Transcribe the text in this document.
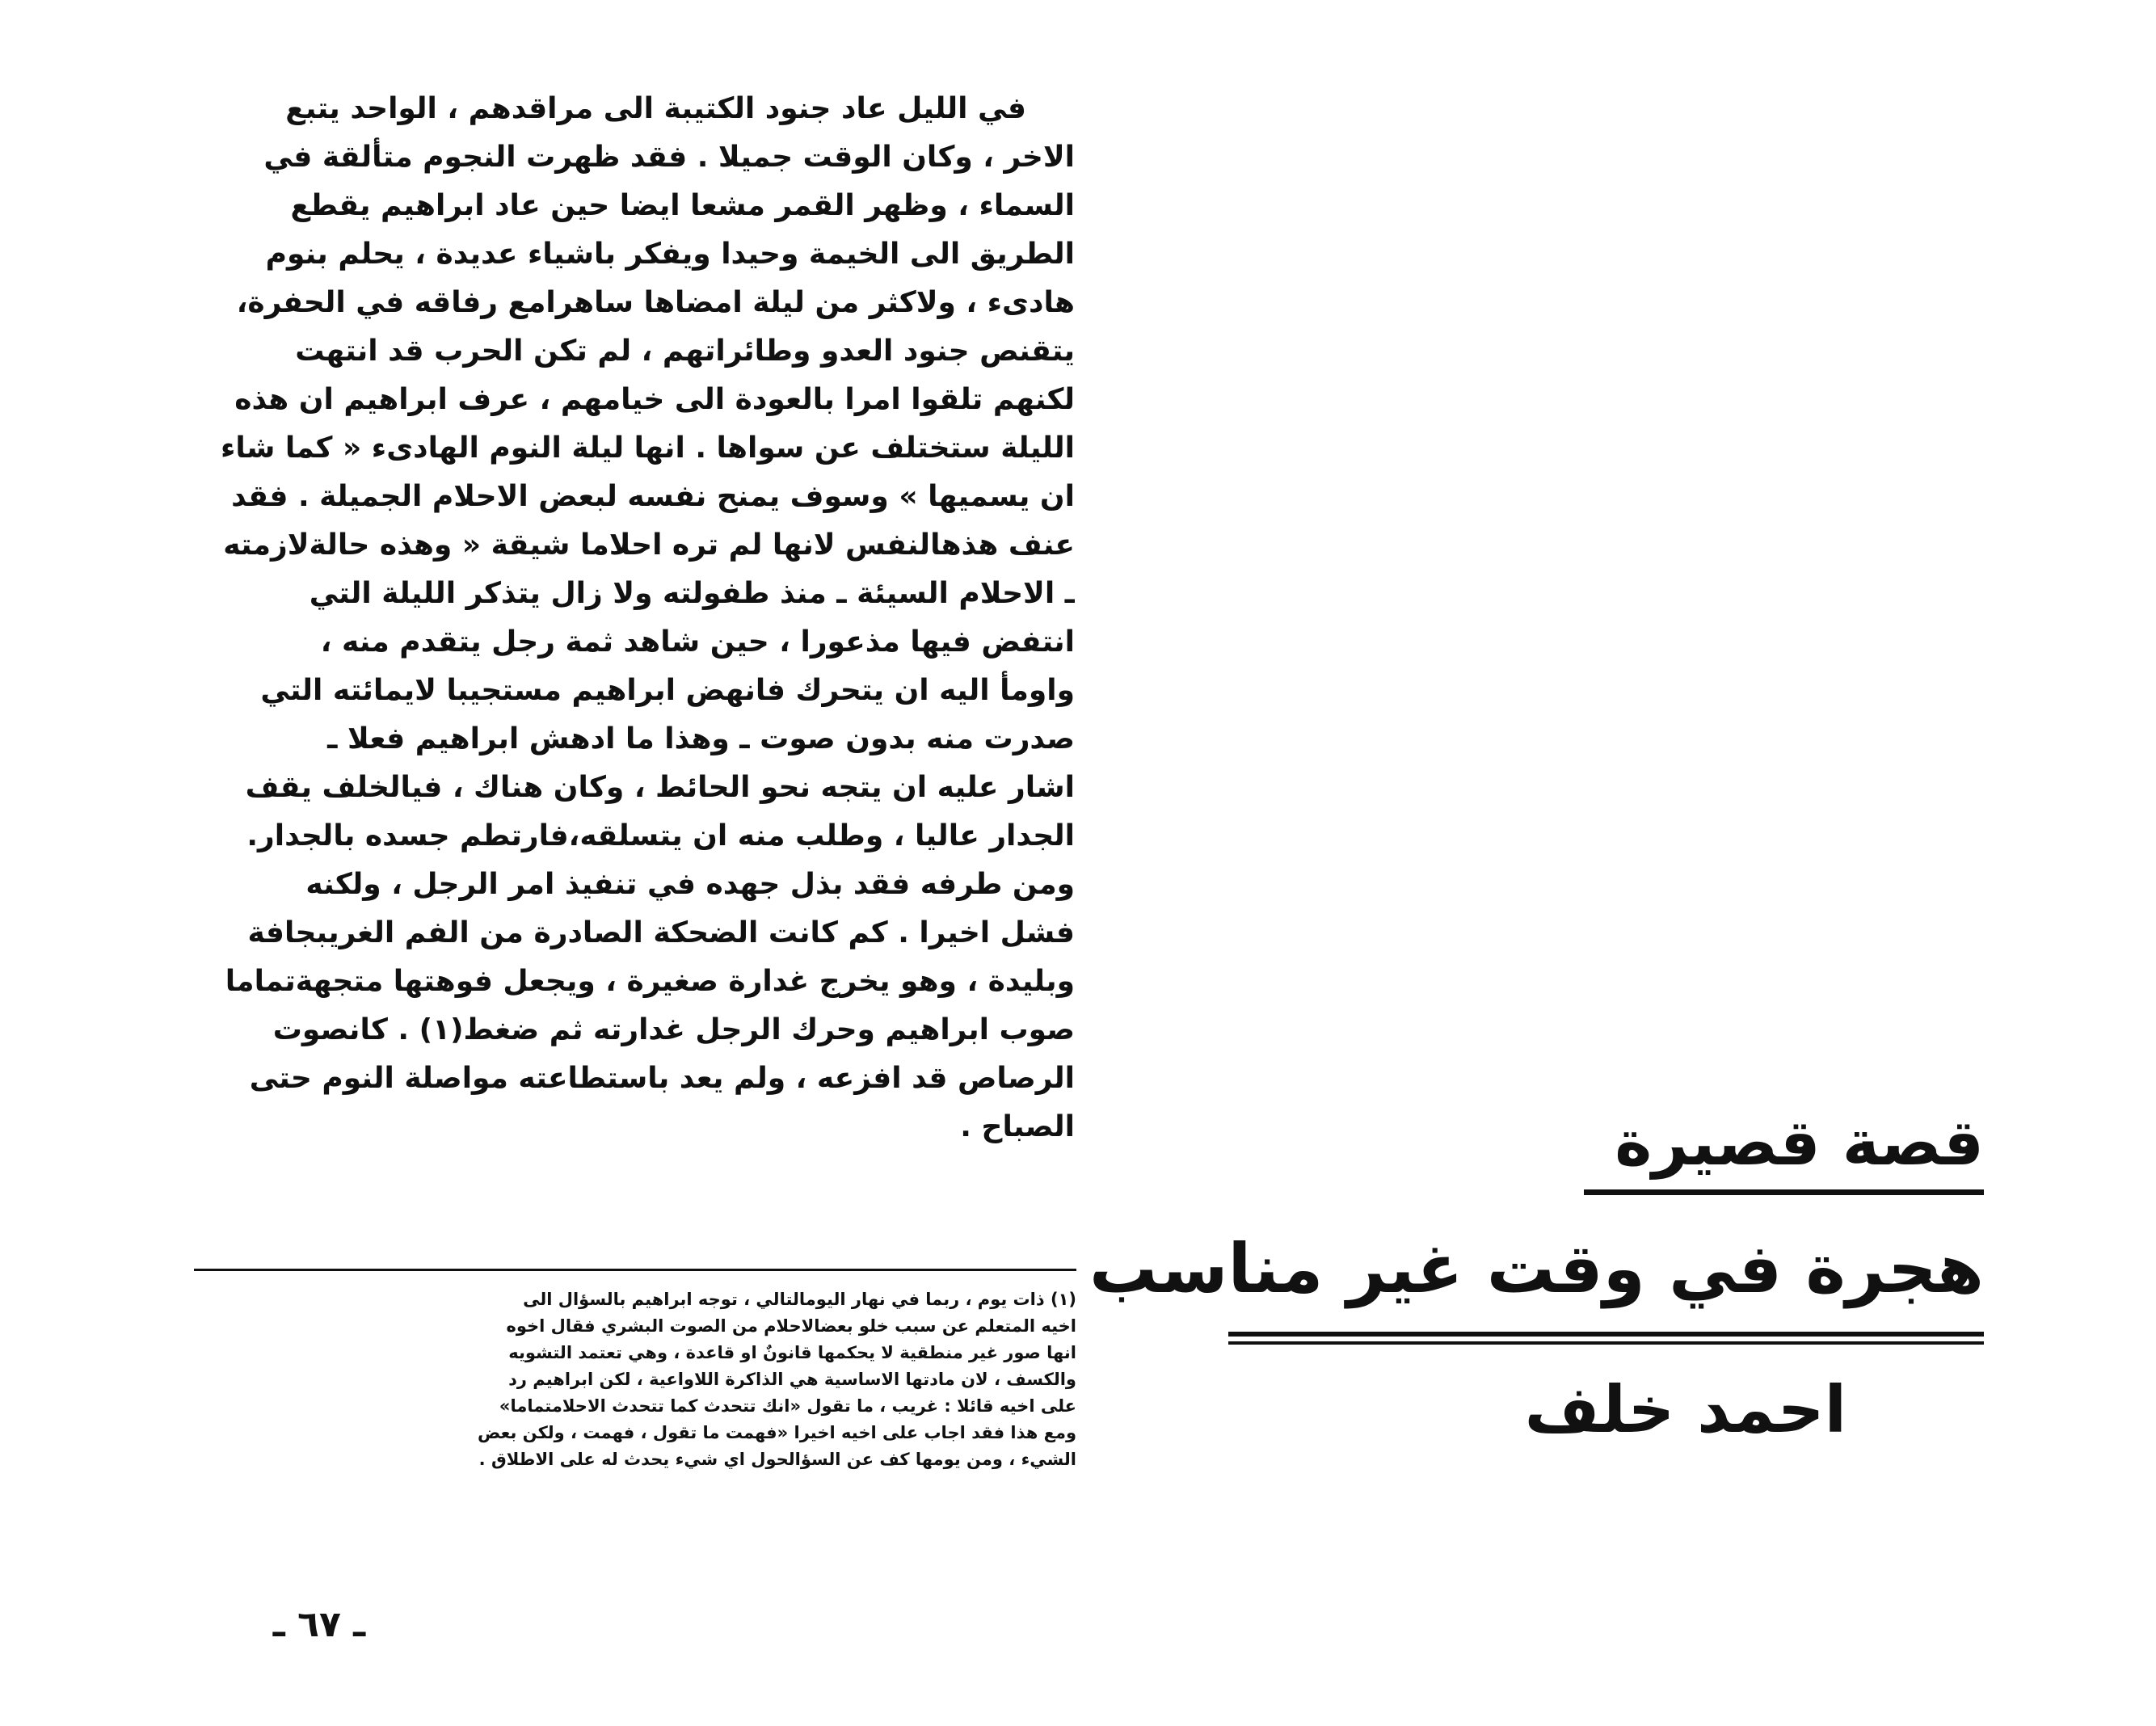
في الليل عاد جنود الكتيبة الى مراقدهم ، الواحد يتبع
الاخر ، وكان الوقت جميلا . فقد ظهرت النجوم متألقة في
السماء ، وظهر القمر مشعا ايضا حين عاد ابراهيم يقطع
الطريق الى الخيمة وحيدا ويفكر باشياء عديدة ، يحلم بنوم
هادىء ، ولاكثر من ليلة امضاها ساهرامع رفاقه في الحفرة،
يتقنص جنود العدو وطائراتهم ، لم تكن الحرب قد انتهت
لكنهم تلقوا امرا بالعودة الى خيامهم ، عرف ابراهيم ان هذه
الليلة ستختلف عن سواها . انها ليلة النوم الهادىء « كما شاء
ان يسميها » وسوف يمنح نفسه لبعض الاحلام الجميلة . فقد
عنف هذهالنفس لانها لم تره احلاما شيقة « وهذه حالةلازمته
ـ الاحلام السيئة ـ منذ طفولته ولا زال يتذكر الليلة التي
انتفض فيها مذعورا ، حين شاهد ثمة رجل يتقدم منه ،
واومأ اليه ان يتحرك فانهض ابراهيم مستجيبا لايمائته التي
صدرت منه بدون صوت ـ وهذا ما ادهش ابراهيم فعلا ـ
اشار عليه ان يتجه نحو الحائط ، وكان هناك ، فيالخلف يقف
الجدار عاليا ، وطلب منه ان يتسلقه،فارتطم جسده بالجدار.
ومن طرفه فقد بذل جهده في تنفيذ امر الرجل ، ولكنه
فشل اخيرا . كم كانت الضحكة الصادرة من الفم الغريبجافة
وبليدة ، وهو يخرج غدارة صغيرة ، ويجعل فوهتها متجهةتماما
صوب ابراهيم وحرك الرجل غدارته ثم ضغط(١) . كانصوت
الرصاص قد افزعه ، ولم يعد باستطاعته مواصلة النوم حتى
الصباح .
(١) ذات يوم ، ربما في نهار اليومالتالي ، توجه ابراهيم بالسؤال الى
اخيه المتعلم عن سبب خلو بعضالاحلام من الصوت البشري فقال اخوه
انها صور غير منطقية لا يحكمها قانونٌ او قاعدة ، وهي تعتمد التشويه
والكسف ، لان مادتها الاساسية هي الذاكرة اللاواعية ، لكن ابراهيم رد
على اخيه قائلا : غريب ، ما تقول «انك تتحدث كما تتحدث الاحلامتماما»
ومع هذا فقد اجاب على اخيه اخيرا «فهمت ما تقول ، فهمت ، ولكن بعض
الشيء ، ومن يومها كف عن السؤالحول اي شيء يحدث له على الاطلاق .
ـ ٦٧ ـ
قصة قصيرة
هجرة في وقت غير مناسب
احمد خلف
